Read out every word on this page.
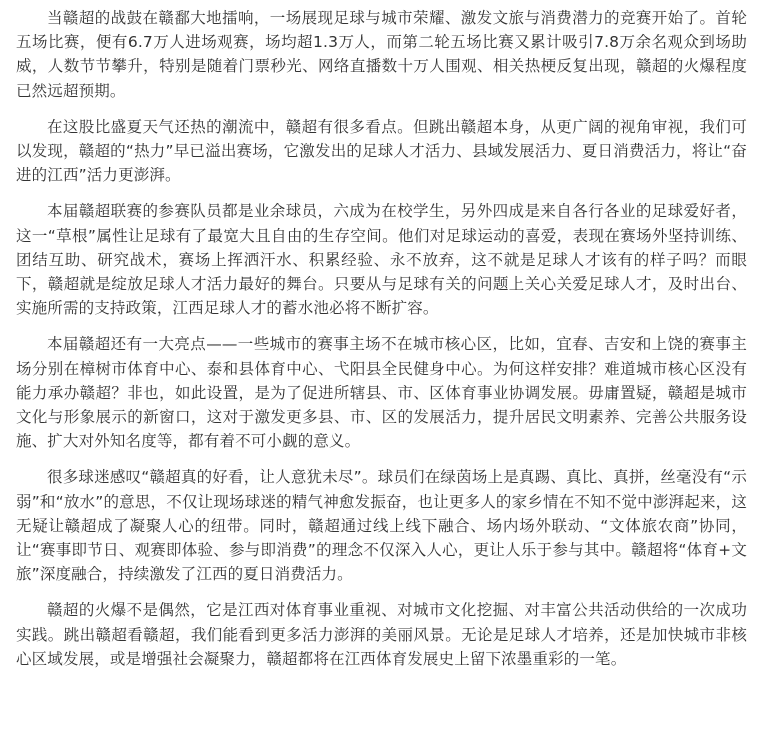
当赣超的战鼓在赣鄱大地擂响，一场展现足球与城市荣耀、激发文旅与消费潜力的竞赛开始了。首轮五场比赛，便有6.7万人进场观赛，场均超1.3万人，而第二轮五场比赛又累计吸引7.8万余名观众到场助威，人数节节攀升，特别是随着门票秒光、网络直播数十万人围观、相关热梗反复出现，赣超的火爆程度已然远超预期。

在这股比盛夏天气还热的潮流中，赣超有很多看点。但跳出赣超本身，从更广阔的视角审视，我们可以发现，赣超的“热力”早已溢出赛场，它激发出的足球人才活力、县域发展活力、夏日消费活力，将让“奋进的江西”活力更澎湃。

本届赣超联赛的参赛队员都是业余球员，六成为在校学生，另外四成是来自各行各业的足球爱好者，这一“草根”属性让足球有了最宽大且自由的生存空间。他们对足球运动的喜爱，表现在赛场外坚持训练、团结互助、研究战术，赛场上挥洒汗水、积累经验、永不放弃，这不就是足球人才该有的样子吗？而眼下，赣超就是绽放足球人才活力最好的舞台。只要从与足球有关的问题上关心关爱足球人才，及时出台、实施所需的支持政策，江西足球人才的蓄水池必将不断扩容。

本届赣超还有一大亮点——一些城市的赛事主场不在城市核心区，比如，宜春、吉安和上饶的赛事主场分别在樟树市体育中心、泰和县体育中心、弋阳县全民健身中心。为何这样安排？难道城市核心区没有能力承办赣超？非也，如此设置，是为了促进所辖县、市、区体育事业协调发展。毋庸置疑，赣超是城市文化与形象展示的新窗口，这对于激发更多县、市、区的发展活力，提升居民文明素养、完善公共服务设施、扩大对外知名度等，都有着不可小觑的意义。

很多球迷感叹“赣超真的好看，让人意犹未尽”。球员们在绿茵场上是真踢、真比、真拼，丝毫没有“示弱”和“放水”的意思，不仅让现场球迷的精气神愈发振奋，也让更多人的家乡情在不知不觉中澎湃起来，这无疑让赣超成了凝聚人心的纽带。同时，赣超通过线上线下融合、场内场外联动、“文体旅农商”协同，让“赛事即节日、观赛即体验、参与即消费”的理念不仅深入人心，更让人乐于参与其中。赣超将“体育+文旅”深度融合，持续激发了江西的夏日消费活力。

赣超的火爆不是偶然，它是江西对体育事业重视、对城市文化挖掘、对丰富公共活动供给的一次成功实践。跳出赣超看赣超，我们能看到更多活力澎湃的美丽风景。无论是足球人才培养，还是加快城市非核心区域发展，或是增强社会凝聚力，赣超都将在江西体育发展史上留下浓墨重彩的一笔。
